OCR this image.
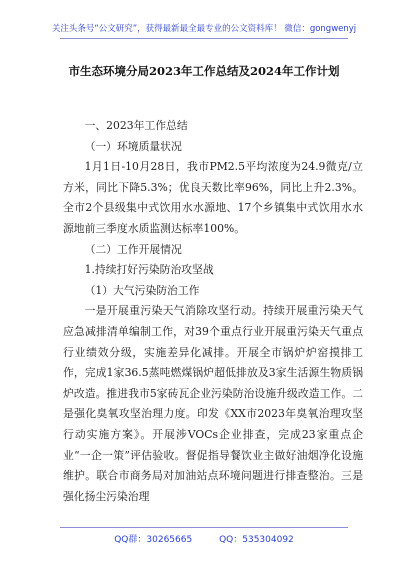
关注头条号“公文研究”，获得最新最全最专业的公文资料库！ 微信：gongwenyj
市生态环境分局2023年工作总结及2024年工作计划

一、2023年工作总结

（一）环境质量状况

1月1日-10月28日，我市PM2.5平均浓度为24.9微克/立方米，同比下降5.3%；优良天数比率96%，同比上升2.3%。全市2个县级集中式饮用水水源地、17个乡镇集中式饮用水水源地前三季度水质监测达标率100%。

（二）工作开展情况

1.持续打好污染防治攻坚战

（1）大气污染防治工作

一是开展重污染天气消除攻坚行动。持续开展重污染天气应急减排清单编制工作，对39个重点行业开展重污染天气重点行业绩效分级，实施差异化减排。开展全市锅炉炉窑摸排工作，完成1家36.5蒸吨燃煤锅炉超低排放及3家生活源生物质锅炉改造。推进我市5家砖瓦企业污染防治设施升级改造工作。二是强化臭氧攻坚治理力度。印发《XX市2023年臭氧治理攻坚行动实施方案》。开展涉VOCs企业排查，完成23家重点企业“一企一策”评估验收。督促指导餐饮业主做好油烟净化设施维护。联合市商务局对加油站点环境问题进行排查整治。三是强化扬尘污染治理

QQ群：30265665	QQ：535304092
